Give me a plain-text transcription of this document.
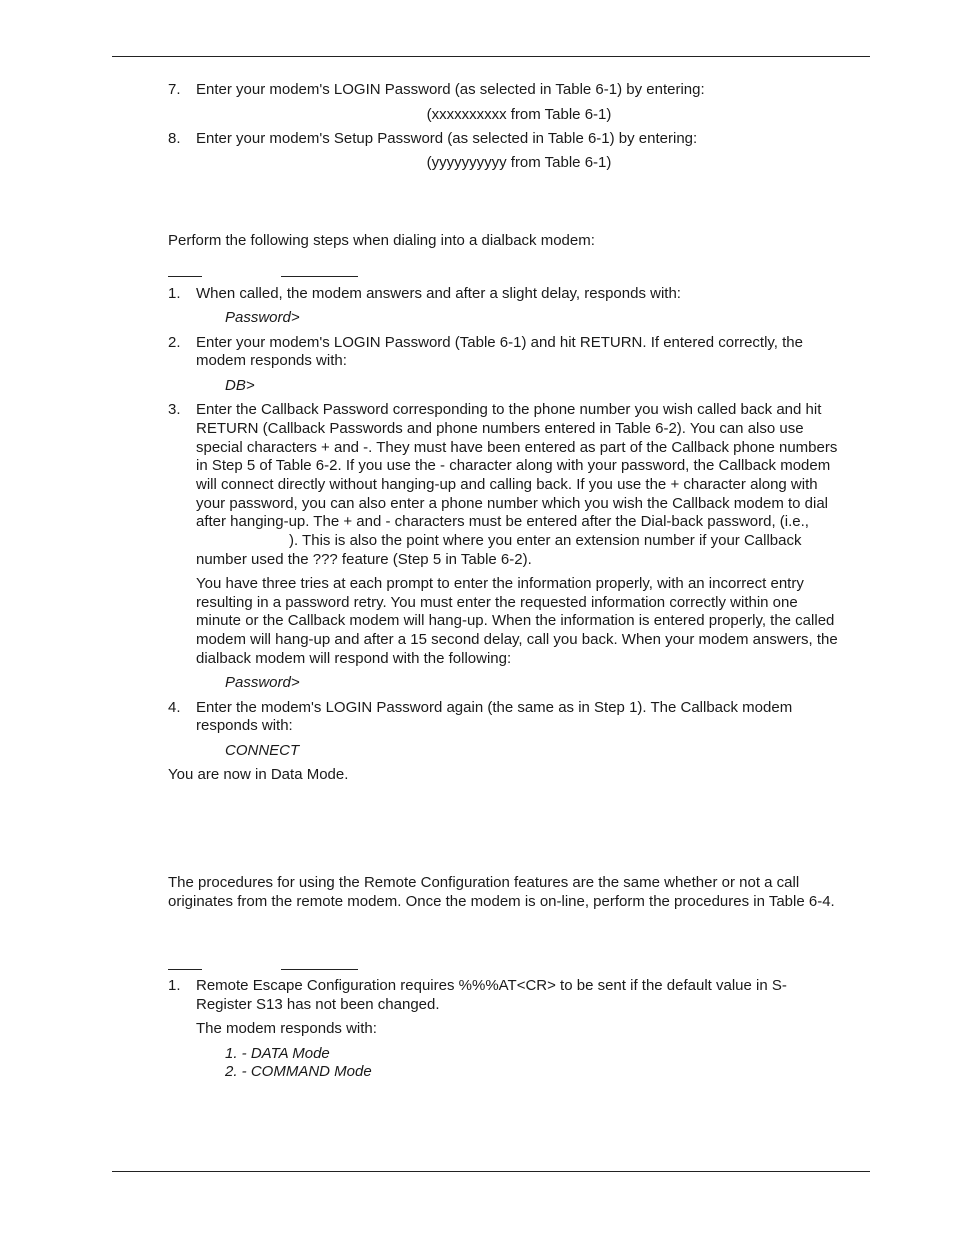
7. Enter your modem's LOGIN Password (as selected in Table 6-1) by entering:
(xxxxxxxxxx from Table 6-1)
8. Enter your modem's Setup Password (as selected in Table 6-1) by entering:
(yyyyyyyyyy from Table 6-1)
Perform the following steps when dialing into a dialback modem:
1. When called, the modem answers and after a slight delay, responds with:
Password>
2. Enter your modem's LOGIN Password (Table 6-1) and hit RETURN. If entered correctly, the
modem responds with:
DB>
3. Enter the Callback Password corresponding to the phone number you wish called back and hit
RETURN (Callback Passwords and phone numbers entered in Table 6-2). You can also use
special characters + and -. They must have been entered as part of the Callback phone numbers
in Step 5 of Table 6-2. If you use the - character along with your password, the Callback modem
will connect directly without hanging-up and calling back. If you use the + character along with
your password, you can also enter a phone number which you wish the Callback modem to dial
after hanging-up. The + and - characters must be entered after the Dial-back password, (i.e.,
). This is also the point where you enter an extension number if your Callback
number used the ??? feature (Step 5 in Table 6-2).
You have three tries at each prompt to enter the information properly, with an incorrect entry
resulting in a password retry. You must enter the requested information correctly within one
minute or the Callback modem will hang-up. When the information is entered properly, the called
modem will hang-up and after a 15 second delay, call you back. When your modem answers, the
dialback modem will respond with the following:
Password>
4. Enter the modem's LOGIN Password again (the same as in Step 1). The Callback modem
responds with:
CONNECT
You are now in Data Mode.
The procedures for using the Remote Configuration features are the same whether or not a call
originates from the remote modem. Once the modem is on-line, perform the procedures in Table 6-4.
1. Remote Escape Configuration requires %%%AT<CR> to be sent if the default value in S-
Register S13 has not been changed.
The modem responds with:
1. - DATA Mode
2. - COMMAND Mode
